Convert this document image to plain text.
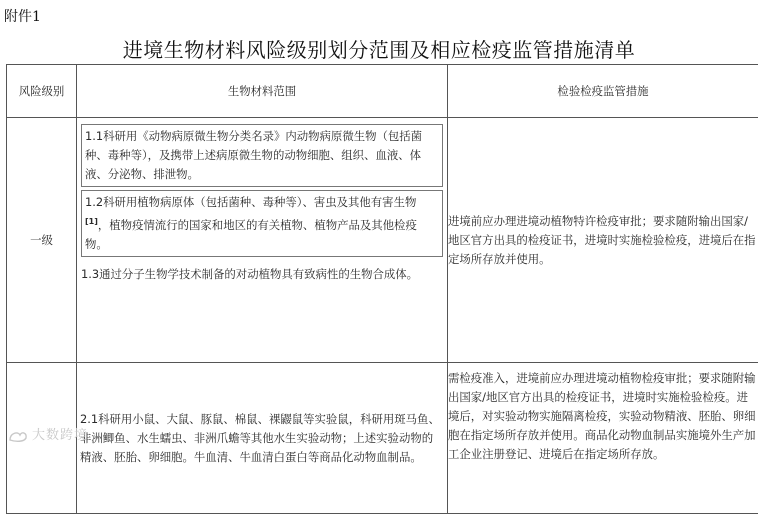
附件1
进境生物材料风险级别划分范围及相应检疫监管措施清单
风险级别	生物材料范围	检验检疫监管措施
一级	1.1科研用《动物病原微生物分类名录》内动物病原微生物（包括菌种、毒种等），及携带上述病原微生物的动物细胞、组织、血液、体液、分泌物、排泄物。
1.2科研用植物病原体（包括菌种、毒种等）、害虫及其他有害生物[1]，植物疫情流行的国家和地区的有关植物、植物产品及其他检疫物。
1.3通过分子生物学技术制备的对动植物具有致病性的生物合成体。	进境前应办理进境动植物特许检疫审批；要求随附输出国家/地区官方出具的检疫证书，进境时实施检验检疫，进境后在指定场所存放并使用。

	2.1科研用小鼠、大鼠、豚鼠、棉鼠、裸鼹鼠等实验鼠，科研用斑马鱼、非洲鲫鱼、水生蠕虫、非洲爪蟾等其他水生实验动物；上述实验动物的精液、胚胎、卵细胞。牛血清、牛血清白蛋白等商品化动物血制品。	需检疫准入，进境前应办理进境动植物检疫审批；要求随附输出国家/地区官方出具的检疫证书，进境时实施检验检疫。进境后，对实验动物实施隔离检疫，实验动物精液、胚胎、卵细胞在指定场所存放并使用。商品化动物血制品实施境外生产加工企业注册登记、进境后在指定场所存放。
大数跨境
